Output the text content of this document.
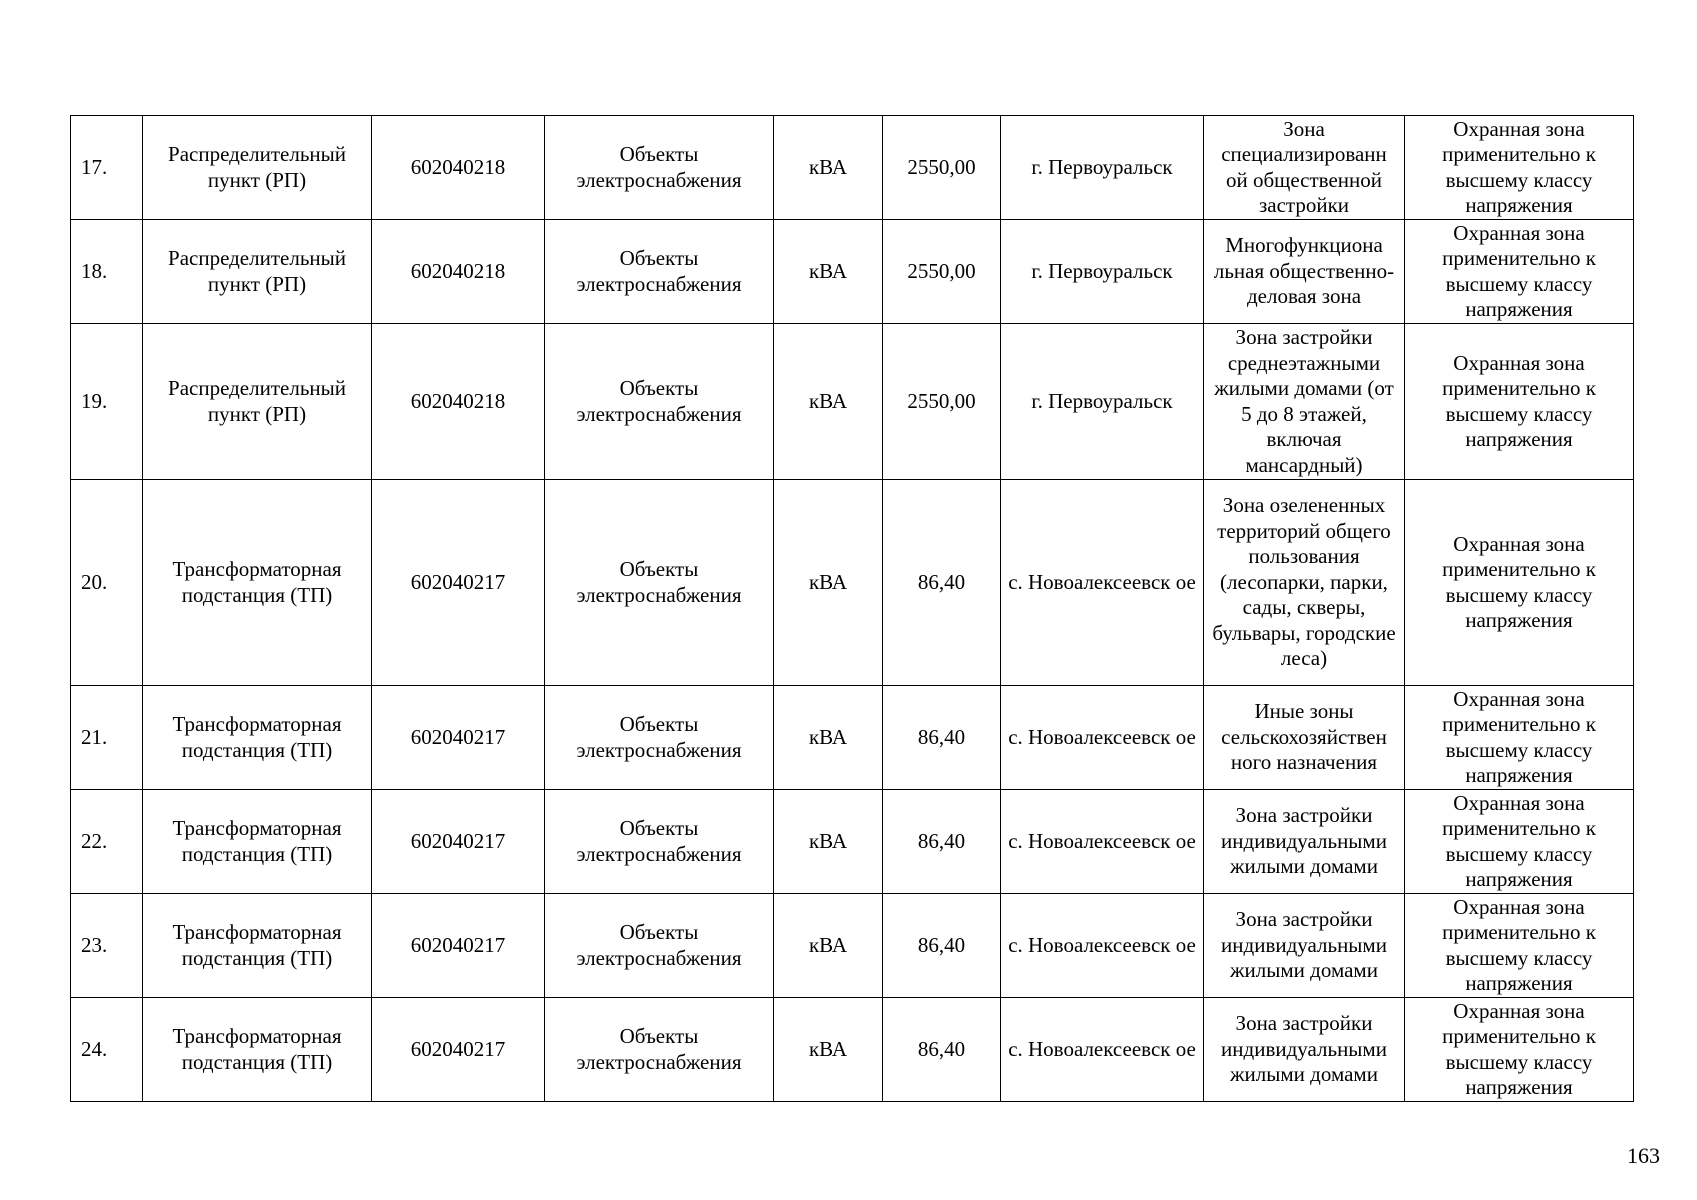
17.	Распределительный пункт (РП)	602040218	Объекты электроснабжения	кВА	2550,00	г. Первоуральск	Зона специализированн ой общественной застройки	Охранная зона применительно к высшему классу напряжения
18.	Распределительный пункт (РП)	602040218	Объекты электроснабжения	кВА	2550,00	г. Первоуральск	Многофункциона льная общественно- деловая зона	Охранная зона применительно к высшему классу напряжения
19.	Распределительный пункт (РП)	602040218	Объекты электроснабжения	кВА	2550,00	г. Первоуральск	Зона застройки среднеэтажными жилыми домами (от 5 до 8 этажей, включая мансардный)	Охранная зона применительно к высшему классу напряжения
20.	Трансформаторная подстанция (ТП)	602040217	Объекты электроснабжения	кВА	86,40	с. Новоалексеевск ое	Зона озелененных территорий общего пользования (лесопарки, парки, сады, скверы, бульвары, городские леса)	Охранная зона применительно к высшему классу напряжения
21.	Трансформаторная подстанция (ТП)	602040217	Объекты электроснабжения	кВА	86,40	с. Новоалексеевск ое	Иные зоны сельскохозяйствен ного назначения	Охранная зона применительно к высшему классу напряжения
22.	Трансформаторная подстанция (ТП)	602040217	Объекты электроснабжения	кВА	86,40	с. Новоалексеевск ое	Зона застройки индивидуальными жилыми домами	Охранная зона применительно к высшему классу напряжения
23.	Трансформаторная подстанция (ТП)	602040217	Объекты электроснабжения	кВА	86,40	с. Новоалексеевск ое	Зона застройки индивидуальными жилыми домами	Охранная зона применительно к высшему классу напряжения
24.	Трансформаторная подстанция (ТП)	602040217	Объекты электроснабжения	кВА	86,40	с. Новоалексеевск ое	Зона застройки индивидуальными жилыми домами	Охранная зона применительно к высшему классу напряжения
163
